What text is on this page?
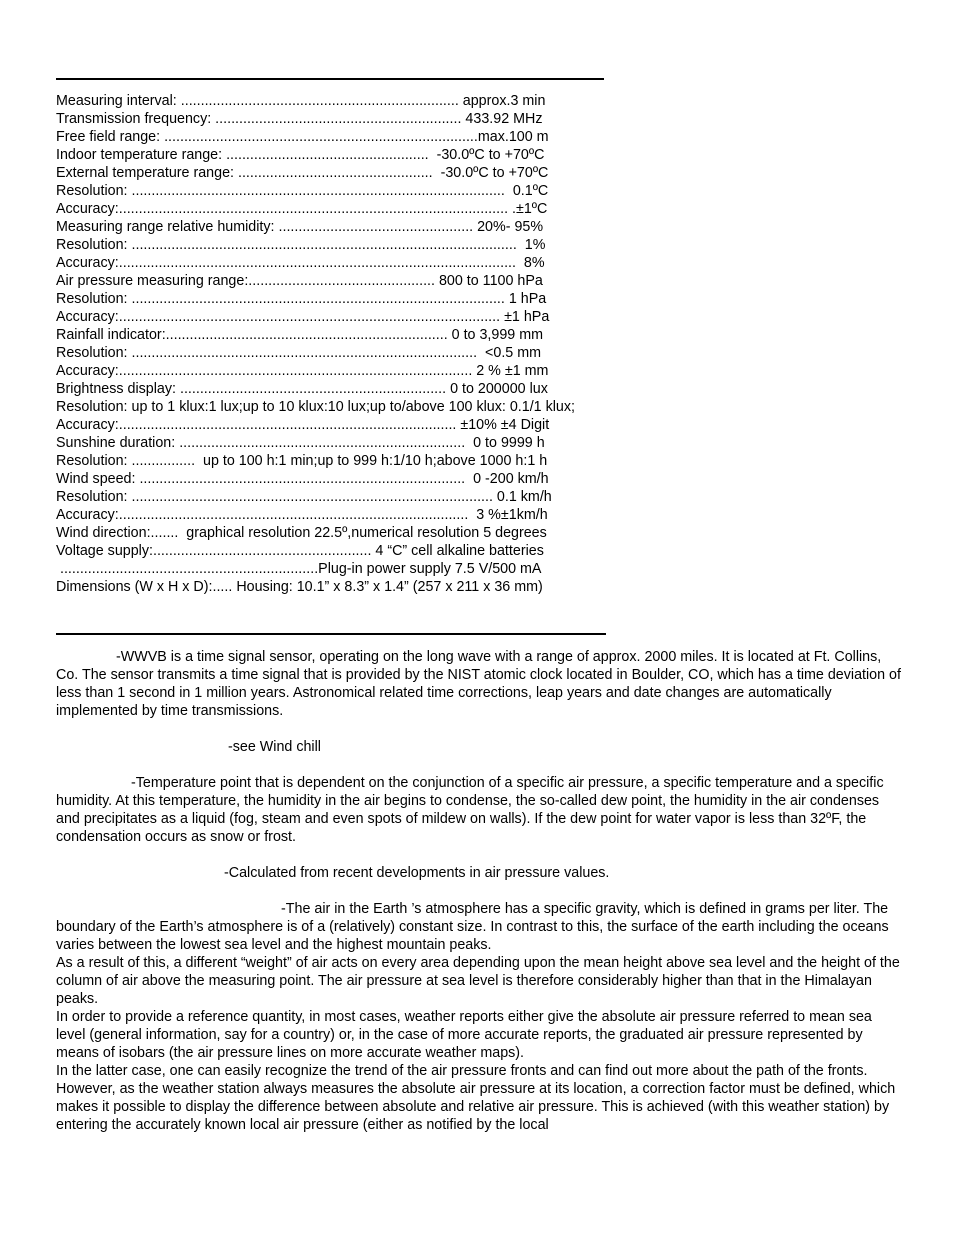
Measuring interval: ...................................................................... approx.3 min
Transmission frequency: .............................................................. 433.92 MHz
Free field range: ...............................................................................max.100 m
Indoor temperature range: ...................................................  -30.0ºC to +70ºC
External temperature range: .................................................  -30.0ºC to +70ºC
Resolution: ..............................................................................................  0.1ºC
Accuracy:.................................................................................................. .±1ºC
Measuring range relative humidity: ................................................. 20%- 95%
Resolution: .................................................................................................  1%
Accuracy:....................................................................................................  8%
Air pressure measuring range:............................................... 800 to 1100 hPa
Resolution: .............................................................................................. 1 hPa
Accuracy:................................................................................................ ±1 hPa
Rainfall indicator:....................................................................... 0 to 3,999 mm
Resolution: .......................................................................................  <0.5 mm
Accuracy:......................................................................................... 2 % ±1 mm
Brightness display: ................................................................... 0 to 200000 lux
Resolution: up to 1 klux:1 lux;up to 10 klux:10 lux;up to/above 100 klux: 0.1/1 klux;
Accuracy:..................................................................................... ±10% ±4 Digit
Sunshine duration: ........................................................................  0 to 9999 h
Resolution: ................  up to 100 h:1 min;up to 999 h:1/10 h;above 1000 h:1 h
Wind speed: ..................................................................................  0 -200 km/h
Resolution: ........................................................................................... 0.1 km/h
Accuracy:........................................................................................  3 %±1km/h
Wind direction:.......  graphical resolution 22.5º,numerical resolution 5 degrees
Voltage supply:....................................................... 4 “C” cell alkaline batteries
.................................................................Plug-in power supply 7.5 V/500 mA
Dimensions (W x H x D):..... Housing: 10.1” x 8.3” x 1.4” (257 x 211 x 36 mm)

-WWVB is a time signal sensor, operating on the long wave with a range of approx. 2000 miles. It is located at Ft. Collins, Co. The sensor transmits a time signal that is provided by the NIST atomic clock located in Boulder, CO, which has a time deviation of less than 1 second in 1 million years. Astronomical related time corrections, leap years and date changes are automatically implemented by time transmissions.

-see Wind chill

-Temperature point that is dependent on the conjunction of a specific air pressure, a specific temperature and a specific humidity. At this temperature, the humidity in the air begins to condense, the so-called dew point, the humidity in the air condenses and precipitates as a liquid (fog, steam and even spots of mildew on walls). If the dew point for water vapor is less than 32ºF, the condensation occurs as snow or frost.

-Calculated from recent developments in air pressure values.

-The air in the Earth ’s atmosphere has a specific gravity, which is defined in grams per liter. The boundary of the Earth’s atmosphere is of a (relatively) constant size. In contrast to this, the surface of the earth including the oceans varies between the lowest sea level and the highest mountain peaks.

As a result of this, a different “weight” of air acts on every area depending upon the mean height above sea level and the height of the column of air above the measuring point. The air pressure at sea level is therefore considerably higher than that in the Himalayan peaks.

In order to provide a reference quantity, in most cases, weather reports either give the absolute air pressure referred to mean sea level (general information, say for a country) or, in the case of more accurate reports, the graduated air pressure represented by means of isobars (the air pressure lines on more accurate weather maps).

In the latter case, one can easily recognize the trend of the air pressure fronts and can find out more about the path of the fronts.

However, as the weather station always measures the absolute air pressure at its location, a correction factor must be defined, which makes it possible to display the difference between absolute and relative air pressure. This is achieved (with this weather station) by entering the accurately known local air pressure (either as notified by the local
